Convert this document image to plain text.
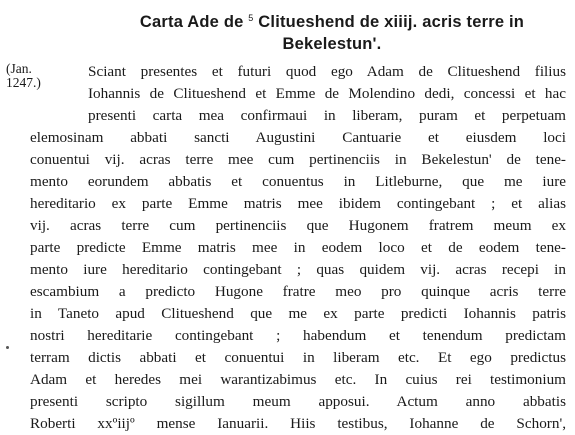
Carta Ade de $^5$ Clitueshend de xiiij. acris terre in
Bekelestun'.
(Jan.
1247.)
Sciant presentes et futuri quod ego Adam de Clitueshend filius
Iohannis de Clitueshend et Emme de Molendino dedi, concessi et hac
presenti carta mea confirmaui in liberam, puram et perpetuam
elemosinam abbati sancti Augustini Cantuarie et eiusdem loci
conuentui vij. acras terre mee cum pertinenciis in Bekelestun' de tene-
mento eorundem abbatis et conuentus in Litleburne, que me iure
hereditario ex parte Emme matris mee ibidem contingebant ; et alias
vij. acras terre cum pertinenciis que Hugonem fratrem meum ex
parte predicte Emme matris mee in eodem loco et de eodem tene-
mento iure hereditario contingebant ; quas quidem vij. acras recepi in
escambium a predicto Hugone fratre meo pro quinque acris terre
in Taneto apud Clitueshend que me ex parte predicti Iohannis patris
nostri hereditarie contingebant ; habendum et tenendum predictam
terram dictis abbati et conuentui in liberam etc. Et ego predictus
Adam et heredes mei warantizabimus etc. In cuius rei testimonium
presenti scripto sigillum meum apposui. Actum anno abbatis
Roberti xxºiijº mense Ianuarii. Hiis testibus, Iohanne de Schorn',
